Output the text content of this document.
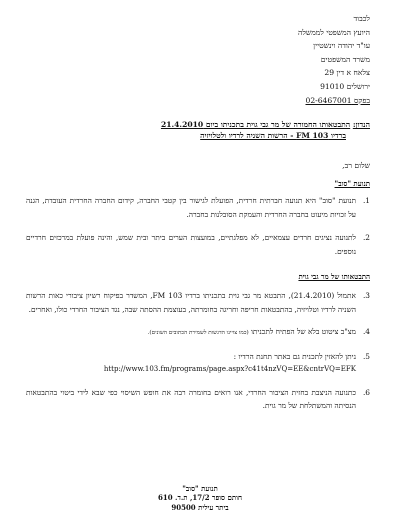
לכבוד
היועץ המשפטי לממשלה
עו"ד יהודה וינשטיין
משרד המשפטים
צלאח א דין 29
ירושלים 91010
בפקס 02-6467001
הנדון: התבטאותו החמורה של מר גבי גוית בתכניתו ביום 21.4.2010
ברדיו FM 103 - הרשות השניה לרדיו ולטלויזיה
שלום רב,
תנועת "סוב"
1.
תנועת "סוב" היא תנועה חברתית חרדית, הפועלת לגישור בין קטבי החברה, קידום החברה החרדית העובדת, הגנה על זכויות מיעוט בחברה החרדית והעמקת הסובלנות בחברה.
2.
לתנועה נציגים חרדים עצמאיים, לא מפלגתיים, במועצות הערים ביתר ובית שמש, והינה פועלת במרכזים חרדיים נוספים.
התבטאותו של מר גבי גוית
3.
אתמול (21.4.2010), התבטא מר גבי גוית בתכניתו ברדיו 103 FM, המשדר בפיקוח רשיון ציבורי כאות הרשות השניה לרדיו וטלויזיה, בהתבטאות חריפה וחריגה בחומרתה, בעוצמת ההסתה שבה, נגד הציבור החרדי כולו, ואחרים.
4.
מצ"ב ציטוט בלא של הפתיח לתכניתו (כמו צויינו הדגשות לשמירת הכתובים השונים).
5.
ניתן להאזין לתכנית גם באתר תחנת הרדיו :
http://www.103.fm/programs/page.aspx?c41t4nzVQ=EE&cntrVQ=EFK
6.
כתנועה הניצבת בחזית הציבור החרדי, אנו רואים בחומרה רבה את חופש השיסוי כפי שבא לידי ביטוי בהתבטאות הנסיתה והמשתלחת של מר גוית.
תנועת "סוב"
חותם סופר 17/2, ת.ד. 610
ביתר עילית 90500
